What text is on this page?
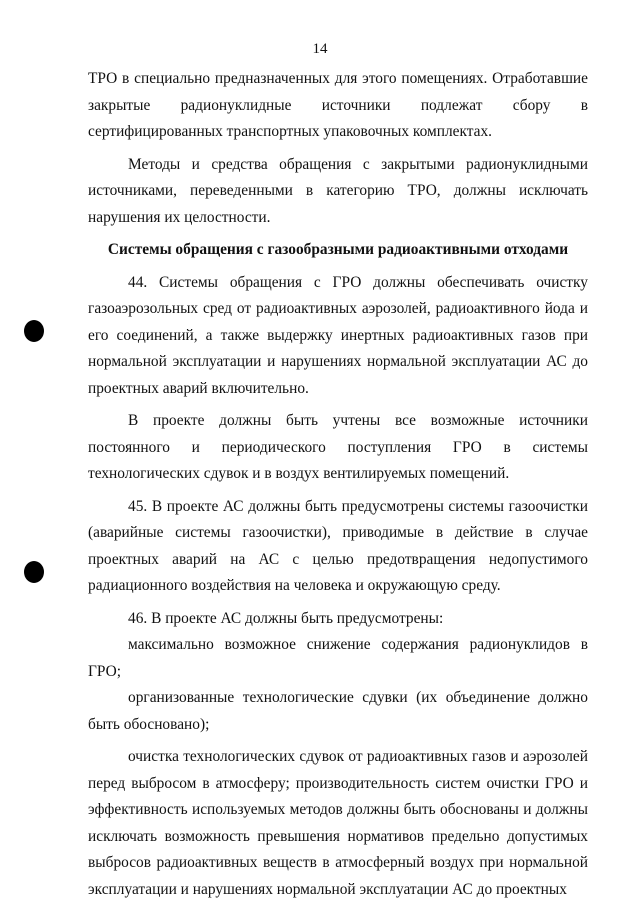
14

ТРО в специально предназначенных для этого помещениях. Отработавшие закрытые радионуклидные источники подлежат сбору в сертифицированных транспортных упаковочных комплектах.

Методы и средства обращения с закрытыми радионуклидными источниками, переведенными в категорию ТРО, должны исключать нарушения их целостности.

Системы обращения с газообразными радиоактивными отходами

44. Системы обращения с ГРО должны обеспечивать очистку газоаэрозольных сред от радиоактивных аэрозолей, радиоактивного йода и его соединений, а также выдержку инертных радиоактивных газов при нормальной эксплуатации и нарушениях нормальной эксплуатации АС до проектных аварий включительно.

В проекте должны быть учтены все возможные источники постоянного и периодического поступления ГРО в системы технологических сдувок и в воздух вентилируемых помещений.

45. В проекте АС должны быть предусмотрены системы газоочистки (аварийные системы газоочистки), приводимые в действие в случае проектных аварий на АС с целью предотвращения недопустимого радиационного воздействия на человека и окружающую среду.

46. В проекте АС должны быть предусмотрены:

максимально возможное снижение содержания радионуклидов в ГРО;

организованные технологические сдувки (их объединение должно быть обосновано);

очистка технологических сдувок от радиоактивных газов и аэрозолей перед выбросом в атмосферу; производительность систем очистки ГРО и эффективность используемых методов должны быть обоснованы и должны исключать возможность превышения нормативов предельно допустимых выбросов радиоактивных веществ в атмосферный воздух при нормальной эксплуатации и нарушениях нормальной эксплуатации АС до проектных
